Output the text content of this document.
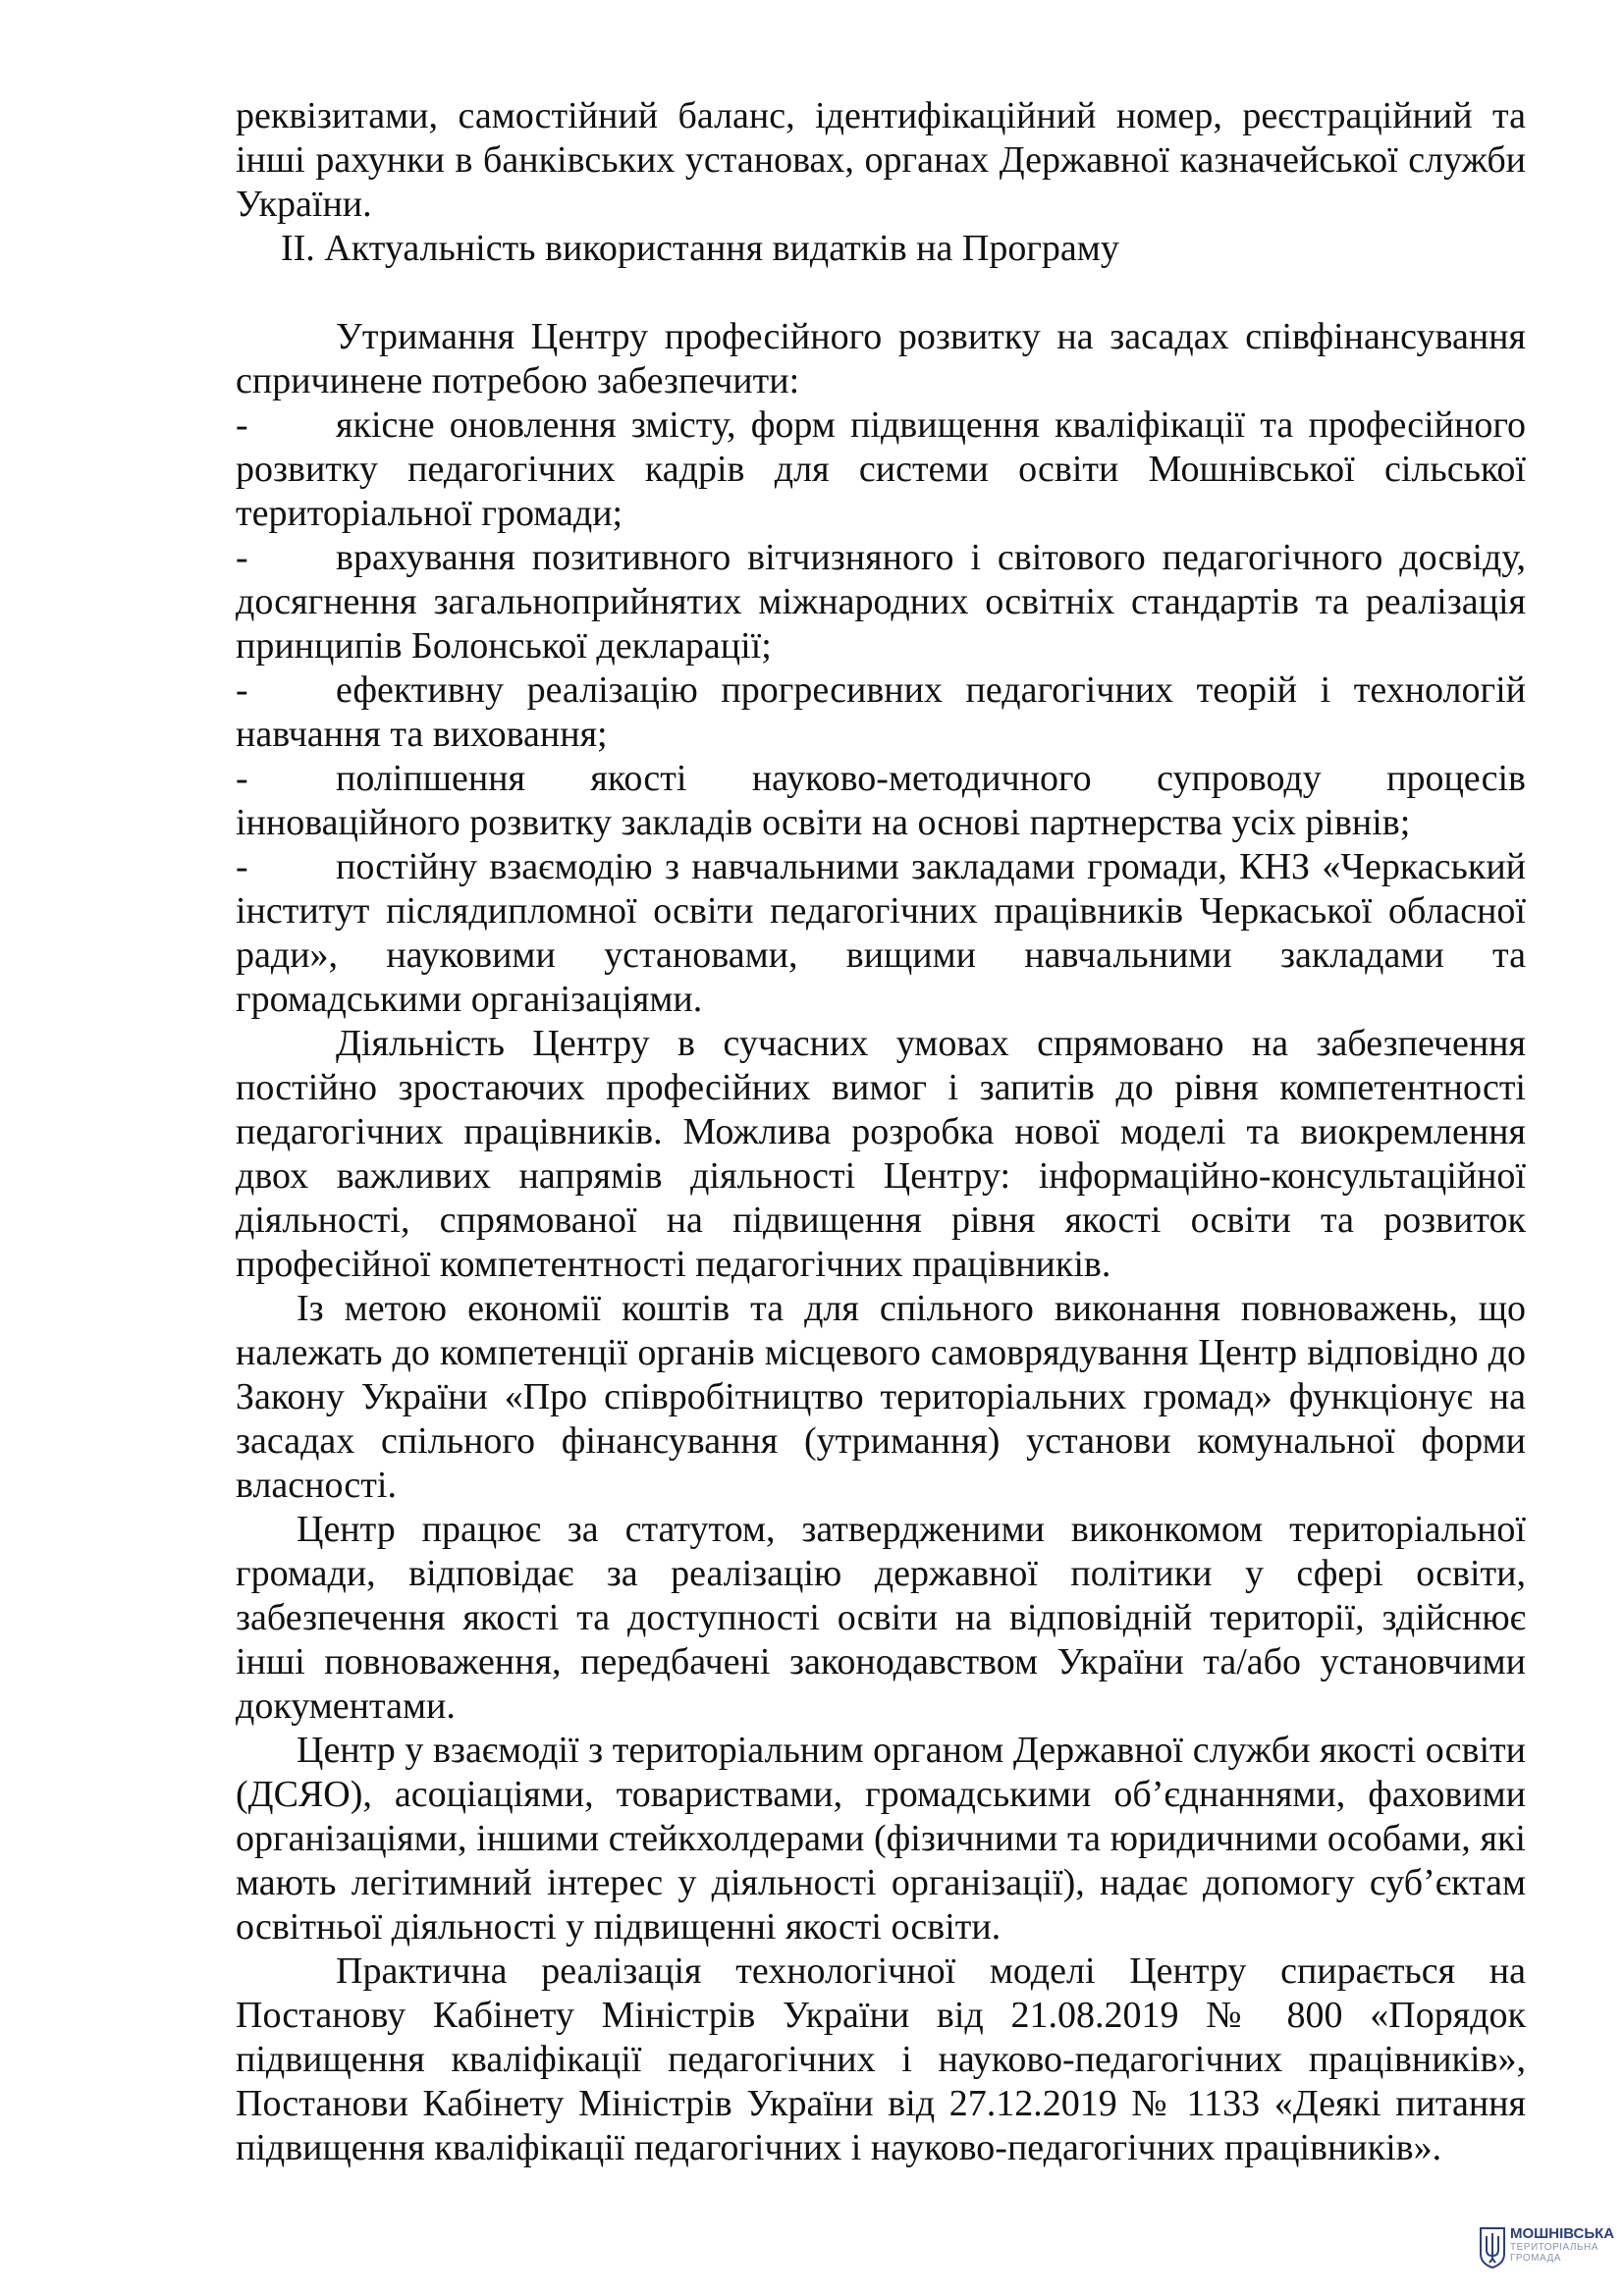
реквізитами, самостійний баланс, ідентифікаційний номер, реєстраційний та інші рахунки в банківських установах, органах Державної казначейської служби України.

ІІ. Актуальність використання видатків на Програму

Утримання Центру професійного розвитку на засадах співфінансування спричинене потребою забезпечити:

- якісне оновлення змісту, форм підвищення кваліфікації та професійного розвитку педагогічних кадрів для системи освіти Мошнівської сільської територіальної громади;

- врахування позитивного вітчизняного і світового педагогічного досвіду, досягнення загальноприйнятих міжнародних освітніх стандартів та реалізація принципів Болонської декларації;

- ефективну реалізацію прогресивних педагогічних теорій і технологій навчання та виховання;

- поліпшення якості науково-методичного супроводу процесів інноваційного розвитку закладів освіти на основі партнерства усіх рівнів;

- постійну взаємодію з навчальними закладами громади, КНЗ «Черкаський інститут післядипломної освіти педагогічних працівників Черкаської обласної ради», науковими установами, вищими навчальними закладами та громадськими організаціями.

Діяльність Центру в сучасних умовах спрямовано на забезпечення постійно зростаючих професійних вимог і запитів до рівня компетентності педагогічних працівників. Можлива розробка нової моделі та виокремлення двох важливих напрямів діяльності Центру: інформаційно-консультаційної діяльності, спрямованої на підвищення рівня якості освіти та розвиток професійної компетентності педагогічних працівників.

Із метою економії коштів та для спільного виконання повноважень, що належать до компетенції органів місцевого самоврядування Центр відповідно до Закону України «Про співробітництво територіальних громад» функціонує на засадах спільного фінансування (утримання) установи комунальної форми власності.

Центр працює за статутом, затвердженими виконкомом територіальної громади, відповідає за реалізацію державної політики у сфері освіти, забезпечення якості та доступності освіти на відповідній території, здійснює інші повноваження, передбачені законодавством України та/або установчими документами.

Центр у взаємодії з територіальним органом Державної служби якості освіти (ДСЯО), асоціаціями, товариствами, громадськими об’єднаннями, фаховими організаціями, іншими стейкхолдерами (фізичними та юридичними особами, які мають легітимний інтерес у діяльності організації), надає допомогу суб’єктам освітньої діяльності у підвищенні якості освіти.

Практична реалізація технологічної моделі Центру спирається на Постанову Кабінету Міністрів України від 21.08.2019 № 800 «Порядок підвищення кваліфікації педагогічних і науково-педагогічних працівників», Постанови Кабінету Міністрів України від 27.12.2019 № 1133 «Деякі питання підвищення кваліфікації педагогічних і науково-педагогічних працівників».

МОШНІВСЬКА
ТЕРИТОРІАЛЬНА
ГРОМАДА
